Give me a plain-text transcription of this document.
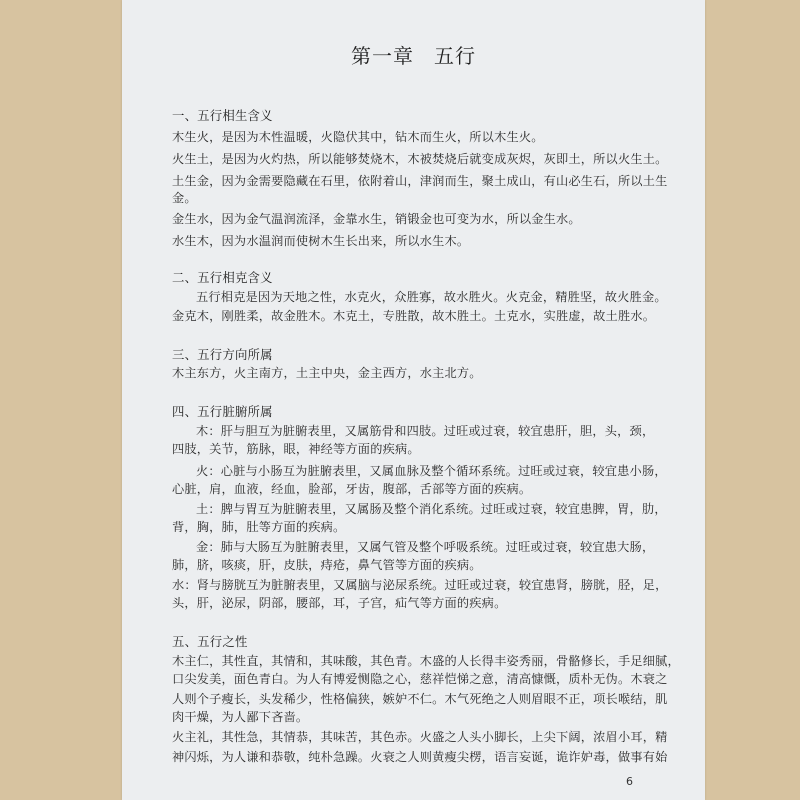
第一章 五行
一、五行相生含义
木生火，是因为木性温暖，火隐伏其中，钻木而生火，所以木生火。
火生土，是因为火灼热，所以能够焚烧木，木被焚烧后就变成灰烬，灰即土，所以火生土。
土生金，因为金需要隐藏在石里，依附着山，津润而生，聚土成山，有山必生石，所以土生
金。
金生水，因为金气温润流泽，金靠水生，销锻金也可变为水，所以金生水。
水生木，因为水温润而使树木生长出来，所以水生木。
二、五行相克含义
五行相克是因为天地之性，水克火，众胜寡，故水胜火。火克金，精胜坚，故火胜金。
金克木，刚胜柔，故金胜木。木克土，专胜散，故木胜土。土克水，实胜虚，故土胜水。
三、五行方向所属
木主东方，火主南方，土主中央，金主西方，水主北方。
四、五行脏腑所属
木：肝与胆互为脏腑表里，又属筋骨和四肢。过旺或过衰，较宜患肝，胆，头，颈，
四肢，关节，筋脉，眼，神经等方面的疾病。
火：心脏与小肠互为脏腑表里，又属血脉及整个循环系统。过旺或过衰，较宜患小肠，
心脏，肩，血液，经血，脸部，牙齿，腹部，舌部等方面的疾病。
土：脾与胃互为脏腑表里，又属肠及整个消化系统。过旺或过衰，较宜患脾，胃，肋，
背，胸，肺，肚等方面的疾病。
金：肺与大肠互为脏腑表里，又属气管及整个呼吸系统。过旺或过衰，较宜患大肠，
肺，脐，咳痰，肝，皮肤，痔疮，鼻气管等方面的疾病。
水：肾与膀胱互为脏腑表里，又属脑与泌尿系统。过旺或过衰，较宜患肾，膀胱，胫，足，
头，肝，泌尿，阴部，腰部，耳，子宫，疝气等方面的疾病。
五、五行之性
木主仁，其性直，其情和，其味酸，其色青。木盛的人长得丰姿秀丽，骨骼修长，手足细腻，
口尖发美，面色青白。为人有博爱恻隐之心，慈祥恺悌之意，清高慷慨，质朴无伪。木衰之
人则个子瘦长，头发稀少，性格偏狭，嫉妒不仁。木气死绝之人则眉眼不正，项长喉结，肌
肉干燥，为人鄙下吝啬。
火主礼，其性急，其情恭，其味苦，其色赤。火盛之人头小脚长，上尖下阔，浓眉小耳，精
神闪烁，为人谦和恭敬，纯朴急躁。火衰之人则黄瘦尖楞，语言妄诞，诡诈妒毒，做事有始
6
